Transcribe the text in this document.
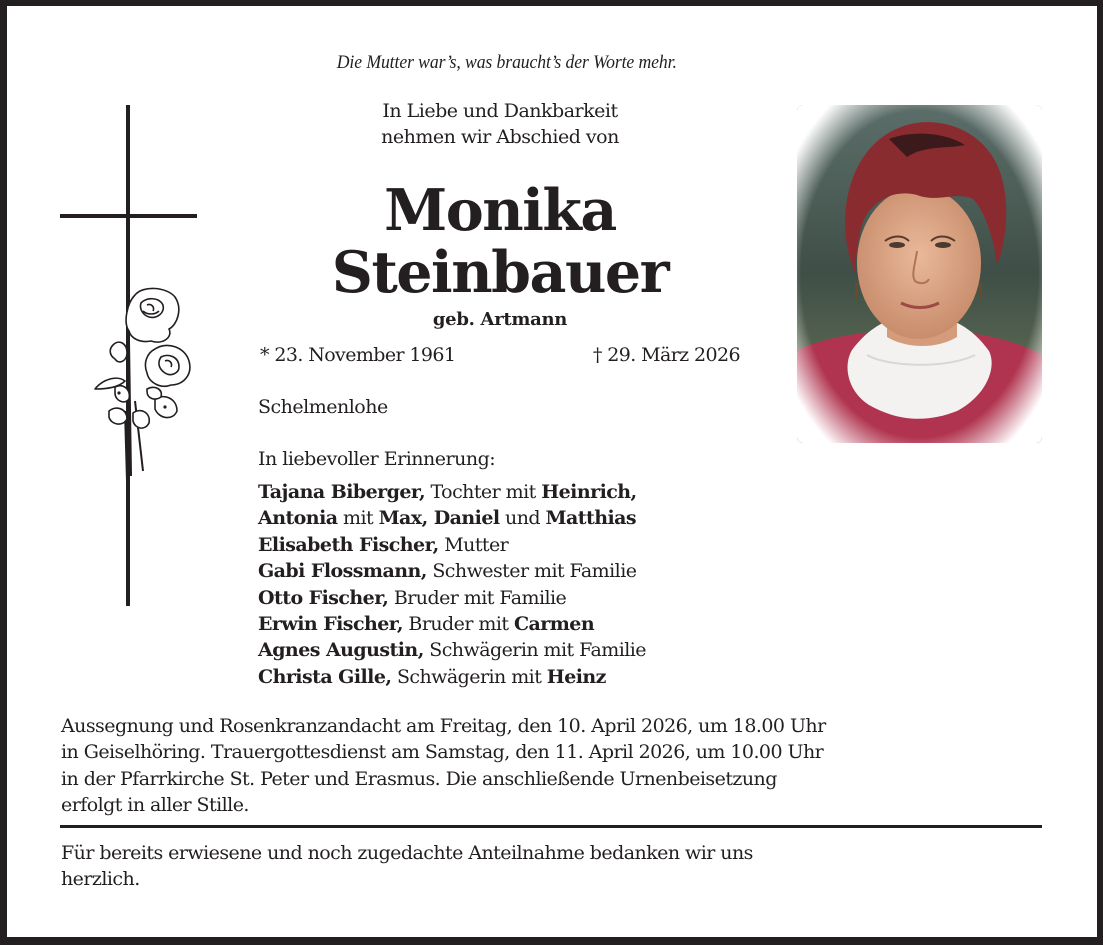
Die Mutter war’s, was braucht’s der Worte mehr.
In Liebe und Dankbarkeit
nehmen wir Abschied von
Monika
Steinbauer
geb. Artmann
* 23. November 1961	† 29. März 2026
Schelmenlohe
In liebevoller Erinnerung:
Tajana Biberger, Tochter mit Heinrich,
Antonia mit Max, Daniel und Matthias
Elisabeth Fischer, Mutter
Gabi Flossmann, Schwester mit Familie
Otto Fischer, Bruder mit Familie
Erwin Fischer, Bruder mit Carmen
Agnes Augustin, Schwägerin mit Familie
Christa Gille, Schwägerin mit Heinz
Aussegnung und Rosenkranzandacht am Freitag, den 10. April 2026, um 18.00 Uhr
in Geiselhöring. Trauergottesdienst am Samstag, den 11. April 2026, um 10.00 Uhr
in der Pfarrkirche St. Peter und Erasmus. Die anschließende Urnenbeisetzung
erfolgt in aller Stille.
Für bereits erwiesene und noch zugedachte Anteilnahme bedanken wir uns
herzlich.
